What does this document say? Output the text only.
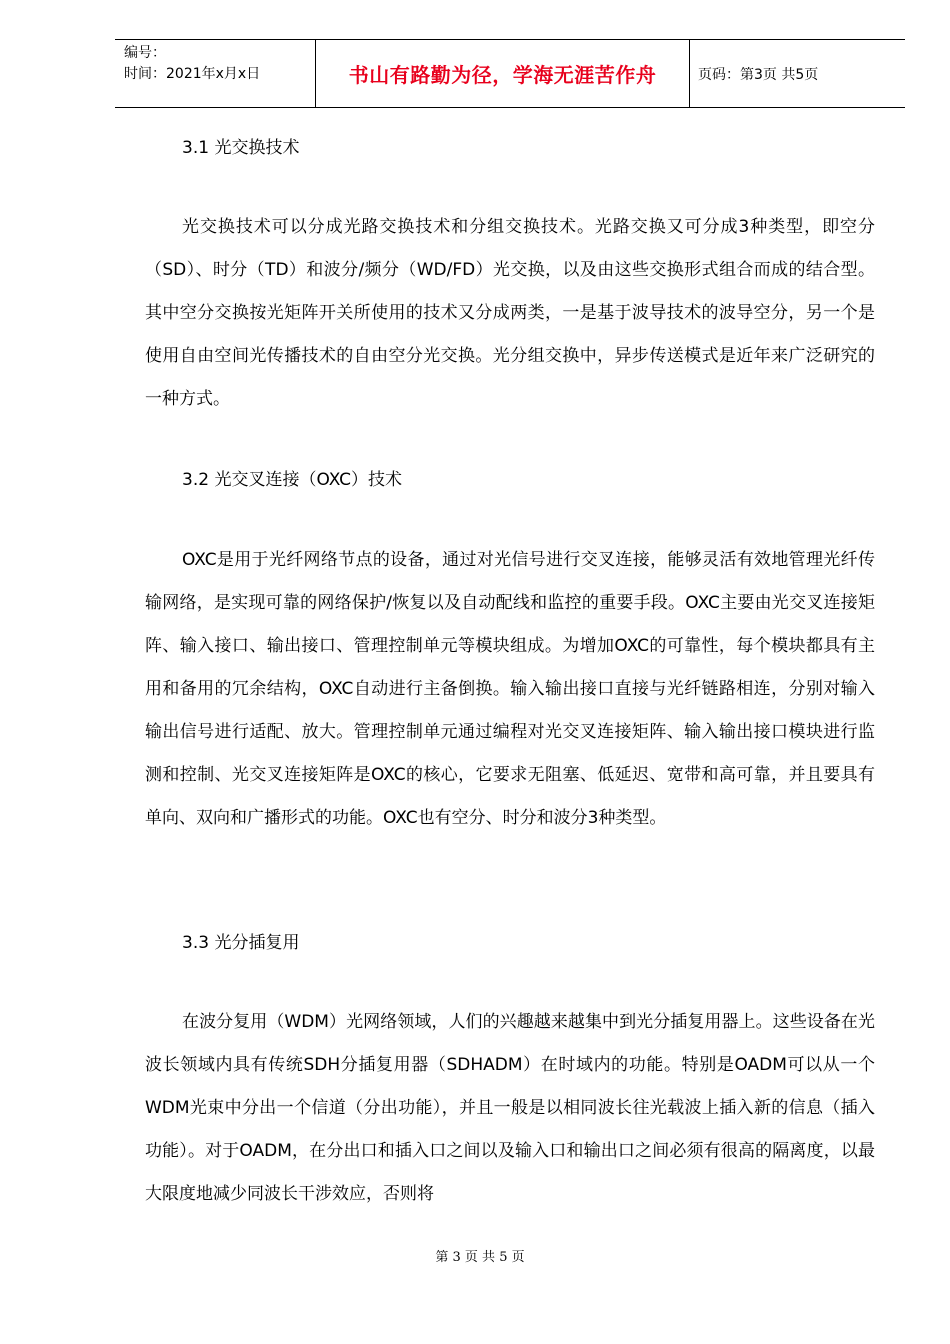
编号：
时间：2021年x月x日	书山有路勤为径，学海无涯苦作舟	页码：第3页 共5页
3.1 光交换技术
光交换技术可以分成光路交换技术和分组交换技术。光路交换又可分成3种类型，即空分（SD）、时分（TD）和波分/频分（WD/FD）光交换，以及由这些交换形式组合而成的结合型。其中空分交换按光矩阵开关所使用的技术又分成两类，一是基于波导技术的波导空分，另一个是使用自由空间光传播技术的自由空分光交换。光分组交换中，异步传送模式是近年来广泛研究的一种方式。
3.2 光交叉连接（OXC）技术
OXC是用于光纤网络节点的设备，通过对光信号进行交叉连接，能够灵活有效地管理光纤传输网络，是实现可靠的网络保护/恢复以及自动配线和监控的重要手段。OXC主要由光交叉连接矩阵、输入接口、输出接口、管理控制单元等模块组成。为增加OXC的可靠性，每个模块都具有主用和备用的冗余结构，OXC自动进行主备倒换。输入输出接口直接与光纤链路相连，分别对输入输出信号进行适配、放大。管理控制单元通过编程对光交叉连接矩阵、输入输出接口模块进行监测和控制、光交叉连接矩阵是OXC的核心，它要求无阻塞、低延迟、宽带和高可靠，并且要具有单向、双向和广播形式的功能。OXC也有空分、时分和波分3种类型。
3.3 光分插复用
在波分复用（WDM）光网络领域，人们的兴趣越来越集中到光分插复用器上。这些设备在光波长领域内具有传统SDH分插复用器（SDHADM）在时域内的功能。特别是OADM可以从一个WDM光束中分出一个信道（分出功能），并且一般是以相同波长往光载波上插入新的信息（插入功能）。对于OADM，在分出口和插入口之间以及输入口和输出口之间必须有很高的隔离度，以最大限度地减少同波长干涉效应，否则将
第 3 页 共 5 页
